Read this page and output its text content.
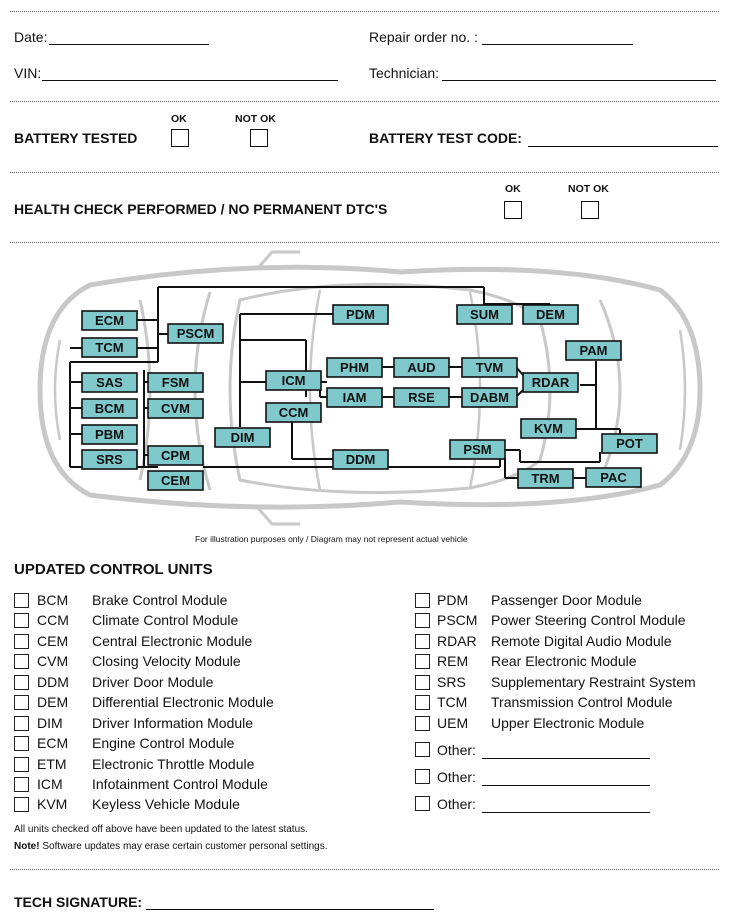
Date:	Repair order no. :
VIN:	Technician:
OK	NOT OK
BATTERY TESTED	BATTERY TEST CODE:
OK	NOT OK
HEALTH CHECK PERFORMED / NO PERMANENT DTC'S
ECM
TCM
PSCM
SAS	FSM
BCM	CVM
PBM
SRS	CPM
CEM
DIM
ICM
CCM
PDM
PHM	AUD	TVM
IAM	RSE	DABM
DDM
SUM	DEM
PAM
RDAR
KVM
POT
PSM
TRM	PAC
For illustration purposes only / Diagram may not represent actual vehicle
UPDATED CONTROL UNITS
BCM Brake Control Module
CCM Climate Control Module
CEM Central Electronic Module
CVM Closing Velocity Module
DDM Driver Door Module
DEM Differential Electronic Module
DIM Driver Information Module
ECM Engine Control Module
ETM Electronic Throttle Module
ICM Infotainment Control Module
KVM Keyless Vehicle Module
PDM Passenger Door Module
PSCM Power Steering Control Module
RDAR Remote Digital Audio Module
REM Rear Electronic Module
SRS Supplementary Restraint System
TCM Transmission Control Module
UEM Upper Electronic Module
Other:
Other:
Other:
All units checked off above have been updated to the latest status.
Note! Software updates may erase certain customer personal settings.
TECH SIGNATURE:
